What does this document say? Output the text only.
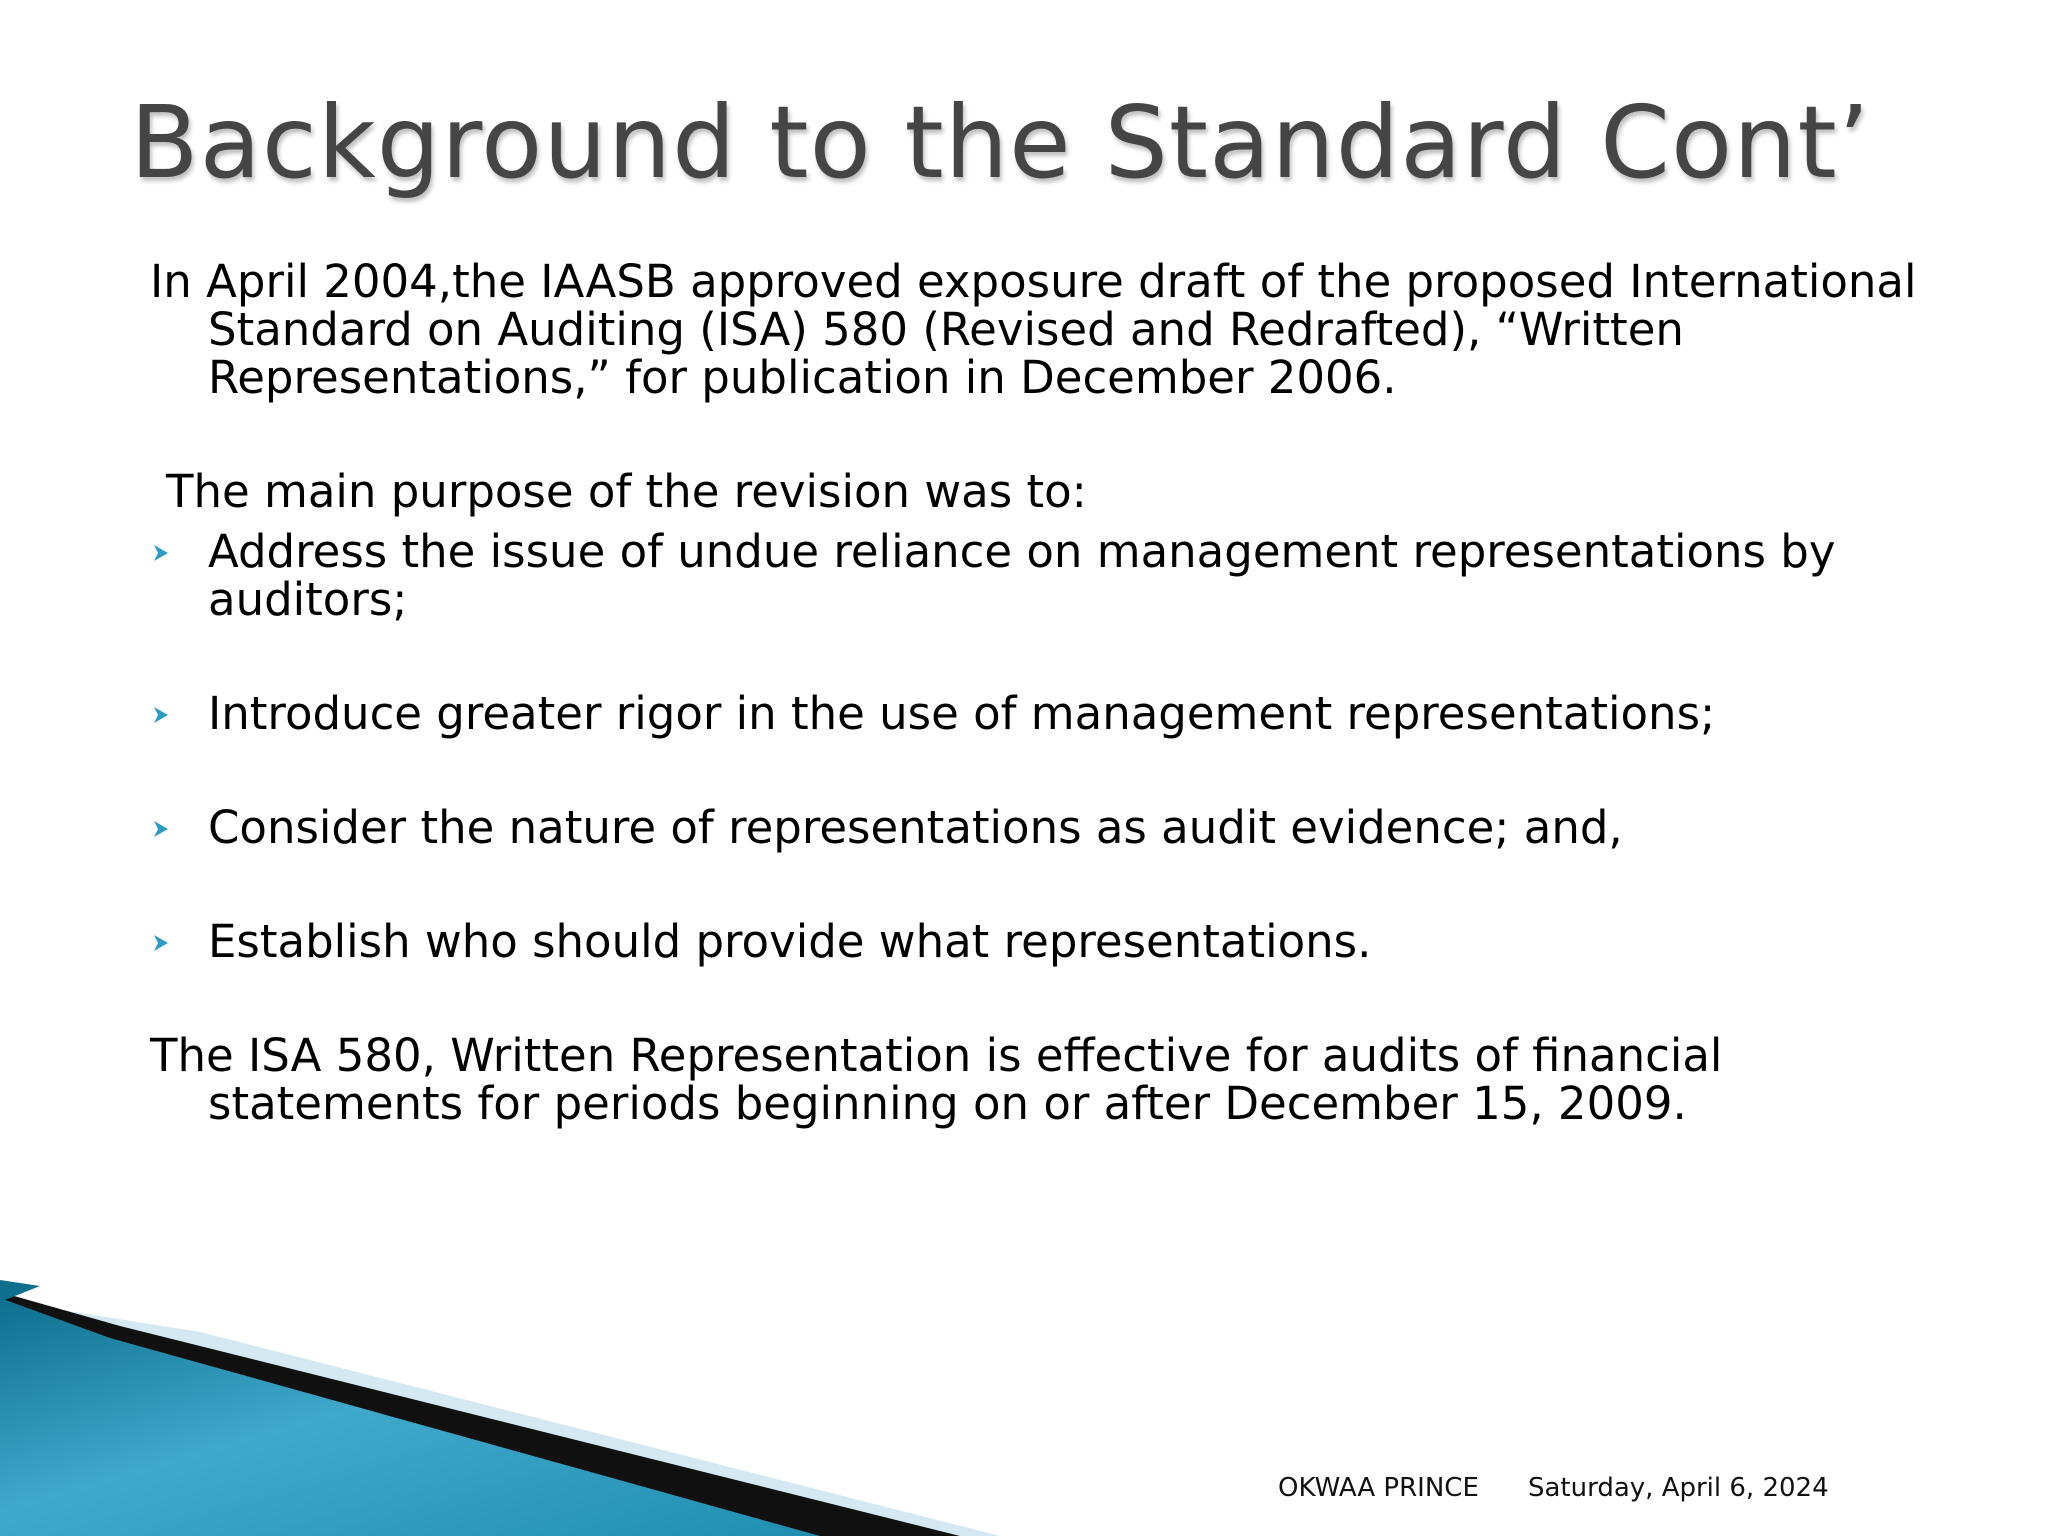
Background to the Standard Cont’

In April 2004,the IAASB approved exposure draft of the proposed International Standard on Auditing (ISA) 580 (Revised and Redrafted), “Written Representations,” for publication in December 2006.

The main purpose of the revision was to:

Address the issue of undue reliance on management representations by auditors;
Introduce greater rigor in the use of management representations;
Consider the nature of representations as audit evidence; and,
Establish who should provide what representations.

The ISA 580, Written Representation is effective for audits of financial statements for periods beginning on or after December 15, 2009.

OKWAA PRINCE Saturday, April 6, 2024
